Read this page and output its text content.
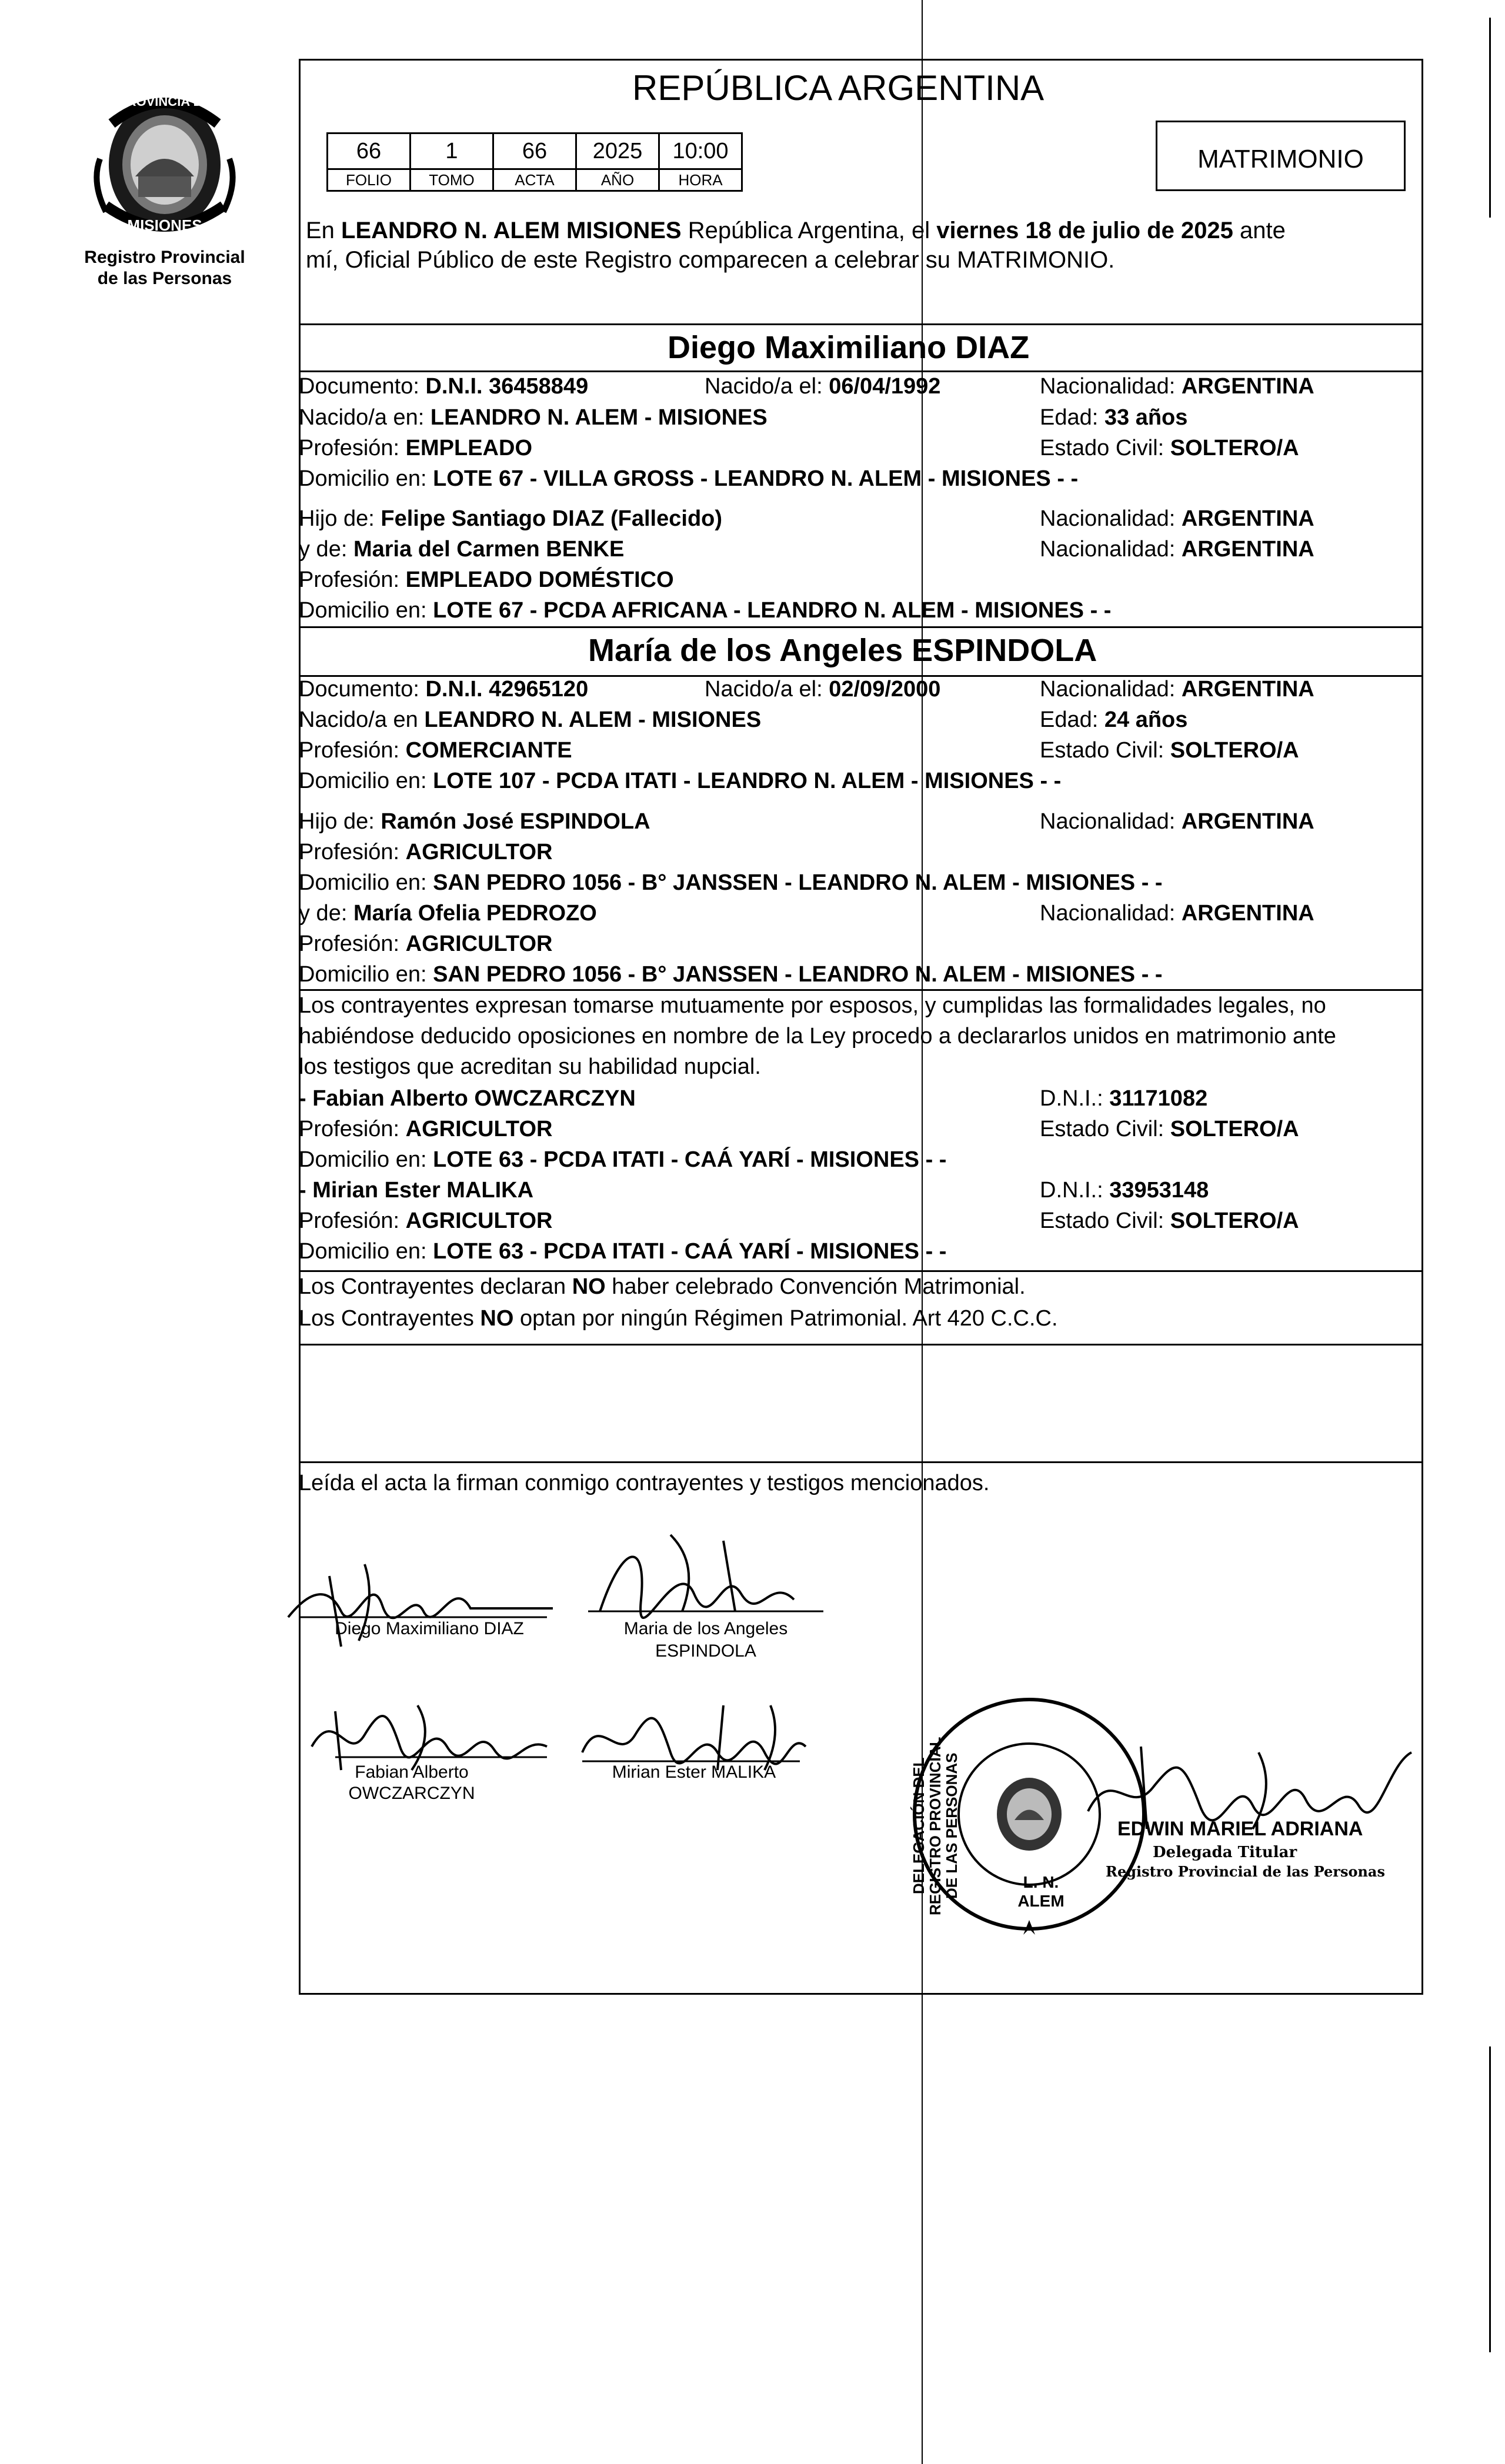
PROVINCIA DE
MISIONES
Registro Provincial
de las Personas
REPÚBLICA ARGENTINA
66	1	66	2025	10:00
FOLIO	TOMO	ACTA	AÑO	HORA
MATRIMONIO
En LEANDRO N. ALEM MISIONES República Argentina, el viernes 18 de julio de 2025 ante
mí, Oficial Público de este Registro comparecen a celebrar su MATRIMONIO.
Diego Maximiliano DIAZ
Documento: D.N.I. 36458849	Nacido/a el: 06/04/1992	Nacionalidad: ARGENTINA
Nacido/a en: LEANDRO N. ALEM - MISIONES	Edad: 33 años
Profesión: EMPLEADO	Estado Civil: SOLTERO/A
Domicilio en: LOTE 67 - VILLA GROSS - LEANDRO N. ALEM - MISIONES - -
Hijo de: Felipe Santiago DIAZ (Fallecido)	Nacionalidad: ARGENTINA
y de: Maria del Carmen BENKE	Nacionalidad: ARGENTINA
Profesión: EMPLEADO DOMÉSTICO
Domicilio en: LOTE 67 - PCDA AFRICANA - LEANDRO N. ALEM - MISIONES - -
María de los Angeles ESPINDOLA
Documento: D.N.I. 42965120	Nacido/a el: 02/09/2000	Nacionalidad: ARGENTINA
Nacido/a en LEANDRO N. ALEM - MISIONES	Edad: 24 años
Profesión: COMERCIANTE	Estado Civil: SOLTERO/A
Domicilio en: LOTE 107 - PCDA ITATI - LEANDRO N. ALEM - MISIONES - -
Hijo de: Ramón José ESPINDOLA	Nacionalidad: ARGENTINA
Profesión: AGRICULTOR
Domicilio en: SAN PEDRO 1056 - B° JANSSEN - LEANDRO N. ALEM - MISIONES - -
y de: María Ofelia PEDROZO	Nacionalidad: ARGENTINA
Profesión: AGRICULTOR
Domicilio en: SAN PEDRO 1056 - B° JANSSEN - LEANDRO N. ALEM - MISIONES - -
Los contrayentes expresan tomarse mutuamente por esposos, y cumplidas las formalidades legales, no
habiéndose deducido oposiciones en nombre de la Ley procedo a declararlos unidos en matrimonio ante
los testigos que acreditan su habilidad nupcial.
- Fabian Alberto OWCZARCZYN	D.N.I.: 31171082
Profesión: AGRICULTOR	Estado Civil: SOLTERO/A
Domicilio en: LOTE 63 - PCDA ITATI - CAÁ YARÍ - MISIONES - -
- Mirian Ester MALIKA	D.N.I.: 33953148
Profesión: AGRICULTOR	Estado Civil: SOLTERO/A
Domicilio en: LOTE 63 - PCDA ITATI - CAÁ YARÍ - MISIONES - -
Los Contrayentes declaran NO haber celebrado Convención Matrimonial.
Los Contrayentes NO optan por ningún Régimen Patrimonial. Art 420 C.C.C.
Leída el acta la firman conmigo contrayentes y testigos mencionados.
Diego Maximiliano DIAZ	Maria de los Angeles
ESPINDOLA
Fabian Alberto
OWCZARCZYN
Mirian Ester MALIKA	DELEGACIÓN DEL REGISTRO PROVINCIAL DE LAS PERSONAS	L. N. ALEM
EDWIN MARIEL ADRIANA
Delegada Titular
Registro Provincial de las Personas
